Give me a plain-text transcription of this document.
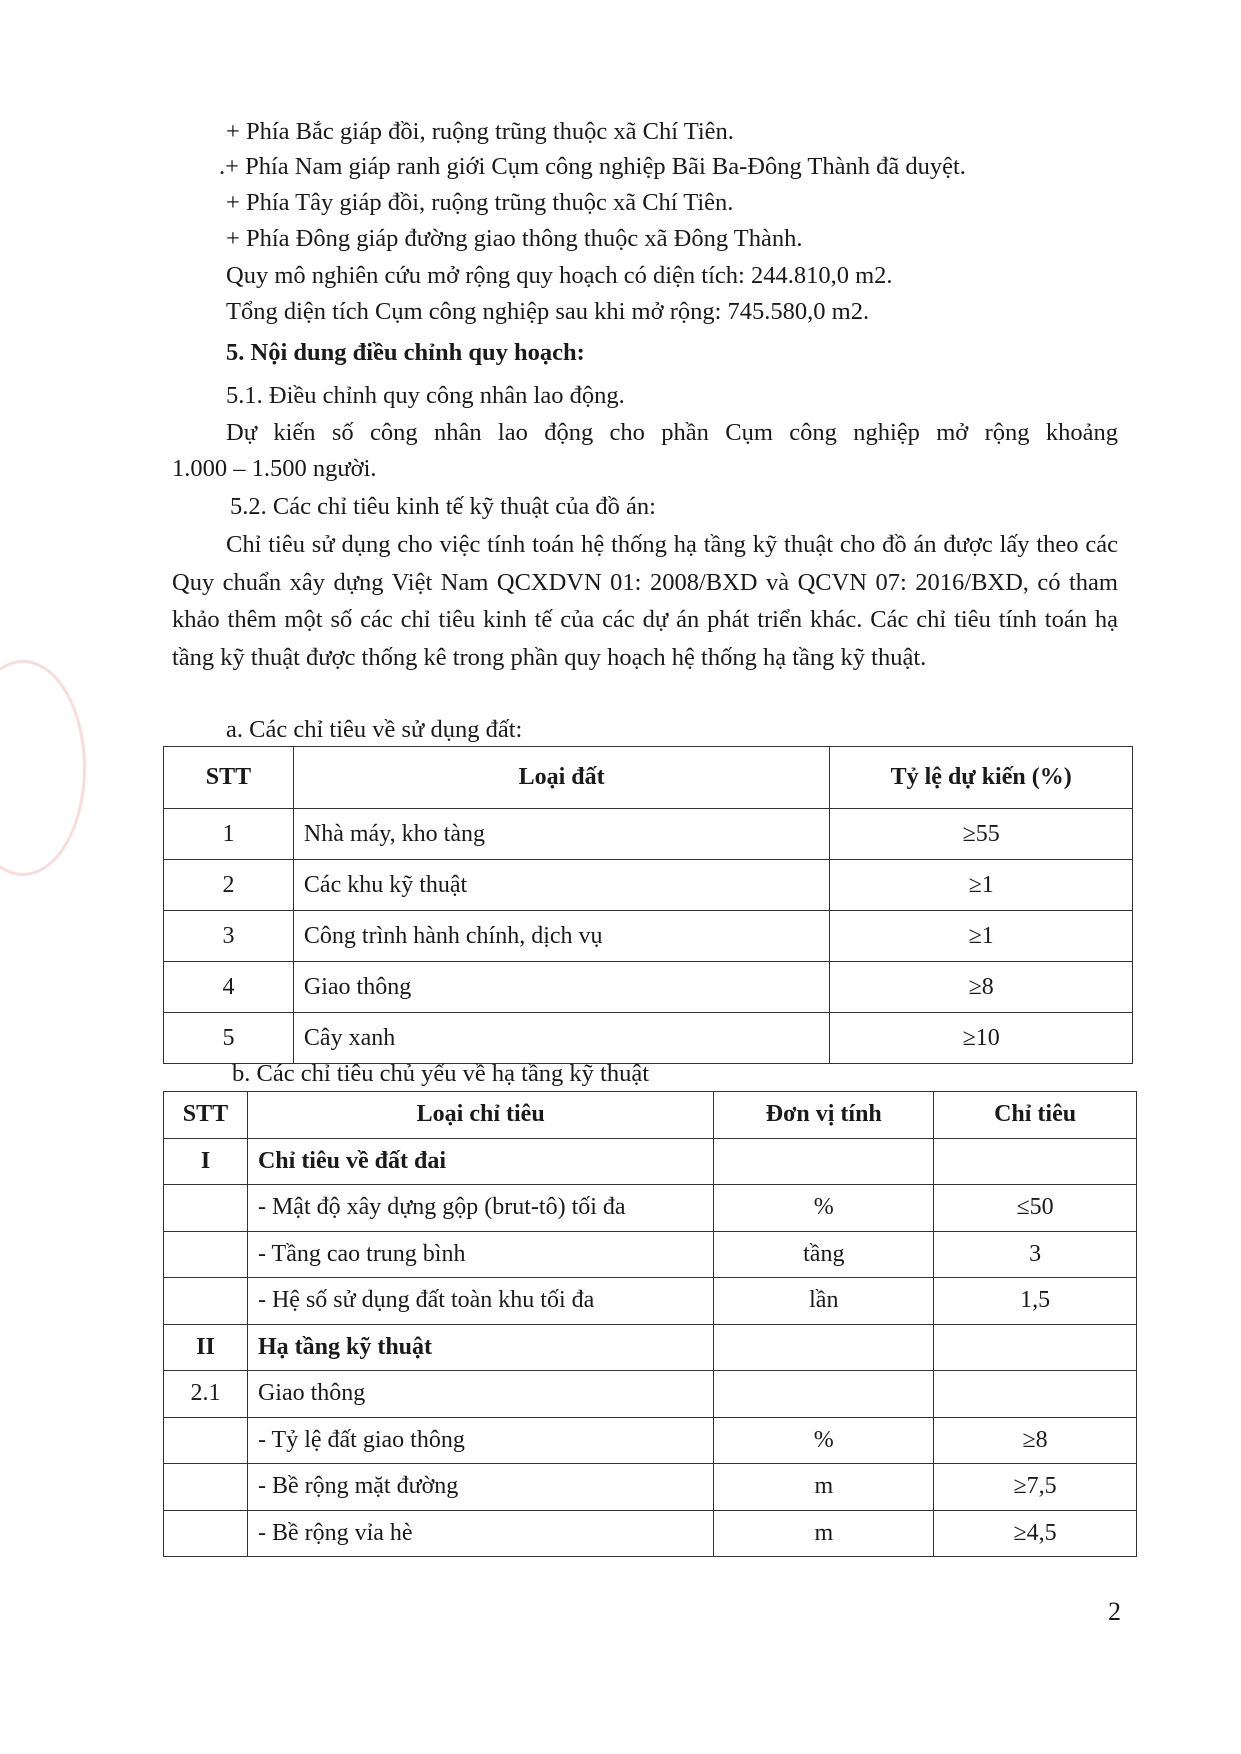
+ Phía Bắc giáp đồi, ruộng trũng thuộc xã Chí Tiên.
.+ Phía Nam giáp ranh giới Cụm công nghiệp Bãi Ba-Đông Thành đã duyệt.
+ Phía Tây giáp đồi, ruộng trũng thuộc xã Chí Tiên.
+ Phía Đông giáp đường giao thông thuộc xã Đông Thành.
Quy mô nghiên cứu mở rộng quy hoạch có diện tích: 244.810,0 m2.
Tổng diện tích Cụm công nghiệp sau khi mở rộng: 745.580,0 m2.
5. Nội dung điều chỉnh quy hoạch:
5.1. Điều chỉnh quy công nhân lao động.
Dự kiến số công nhân lao động cho phần Cụm công nghiệp mở rộng khoảng
1.000 – 1.500 người.
5.2. Các chỉ tiêu kinh tế kỹ thuật của đồ án:
Chỉ tiêu sử dụng cho việc tính toán hệ thống hạ tầng kỹ thuật cho đồ án được lấy theo các Quy chuẩn xây dựng Việt Nam QCXDVN 01: 2008/BXD và QCVN 07: 2016/BXD, có tham khảo thêm một số các chỉ tiêu kinh tế của các dự án phát triển khác. Các chỉ tiêu tính toán hạ tầng kỹ thuật được thống kê trong phần quy hoạch hệ thống hạ tầng kỹ thuật.
a. Các chỉ tiêu về sử dụng đất:
STT	Loại đất	Tỷ lệ dự kiến (%)
1	Nhà máy, kho tàng	≥55
2	Các khu kỹ thuật	≥1
3	Công trình hành chính, dịch vụ	≥1
4	Giao thông	≥8
5	Cây xanh	≥10
b. Các chỉ tiêu chủ yếu về hạ tầng kỹ thuật
STT	Loại chỉ tiêu	Đơn vị tính	Chỉ tiêu
I	Chỉ tiêu về đất đai		
	- Mật độ xây dựng gộp (brut-tô) tối đa	%	≤50
	- Tầng cao trung bình	tầng	3
	- Hệ số sử dụng đất toàn khu tối đa	lần	1,5
II	Hạ tầng kỹ thuật		
2.1	Giao thông		
	- Tỷ lệ đất giao thông	%	≥8
	- Bề rộng mặt đường	m	≥7,5
	- Bề rộng vỉa hè	m	≥4,5
2
